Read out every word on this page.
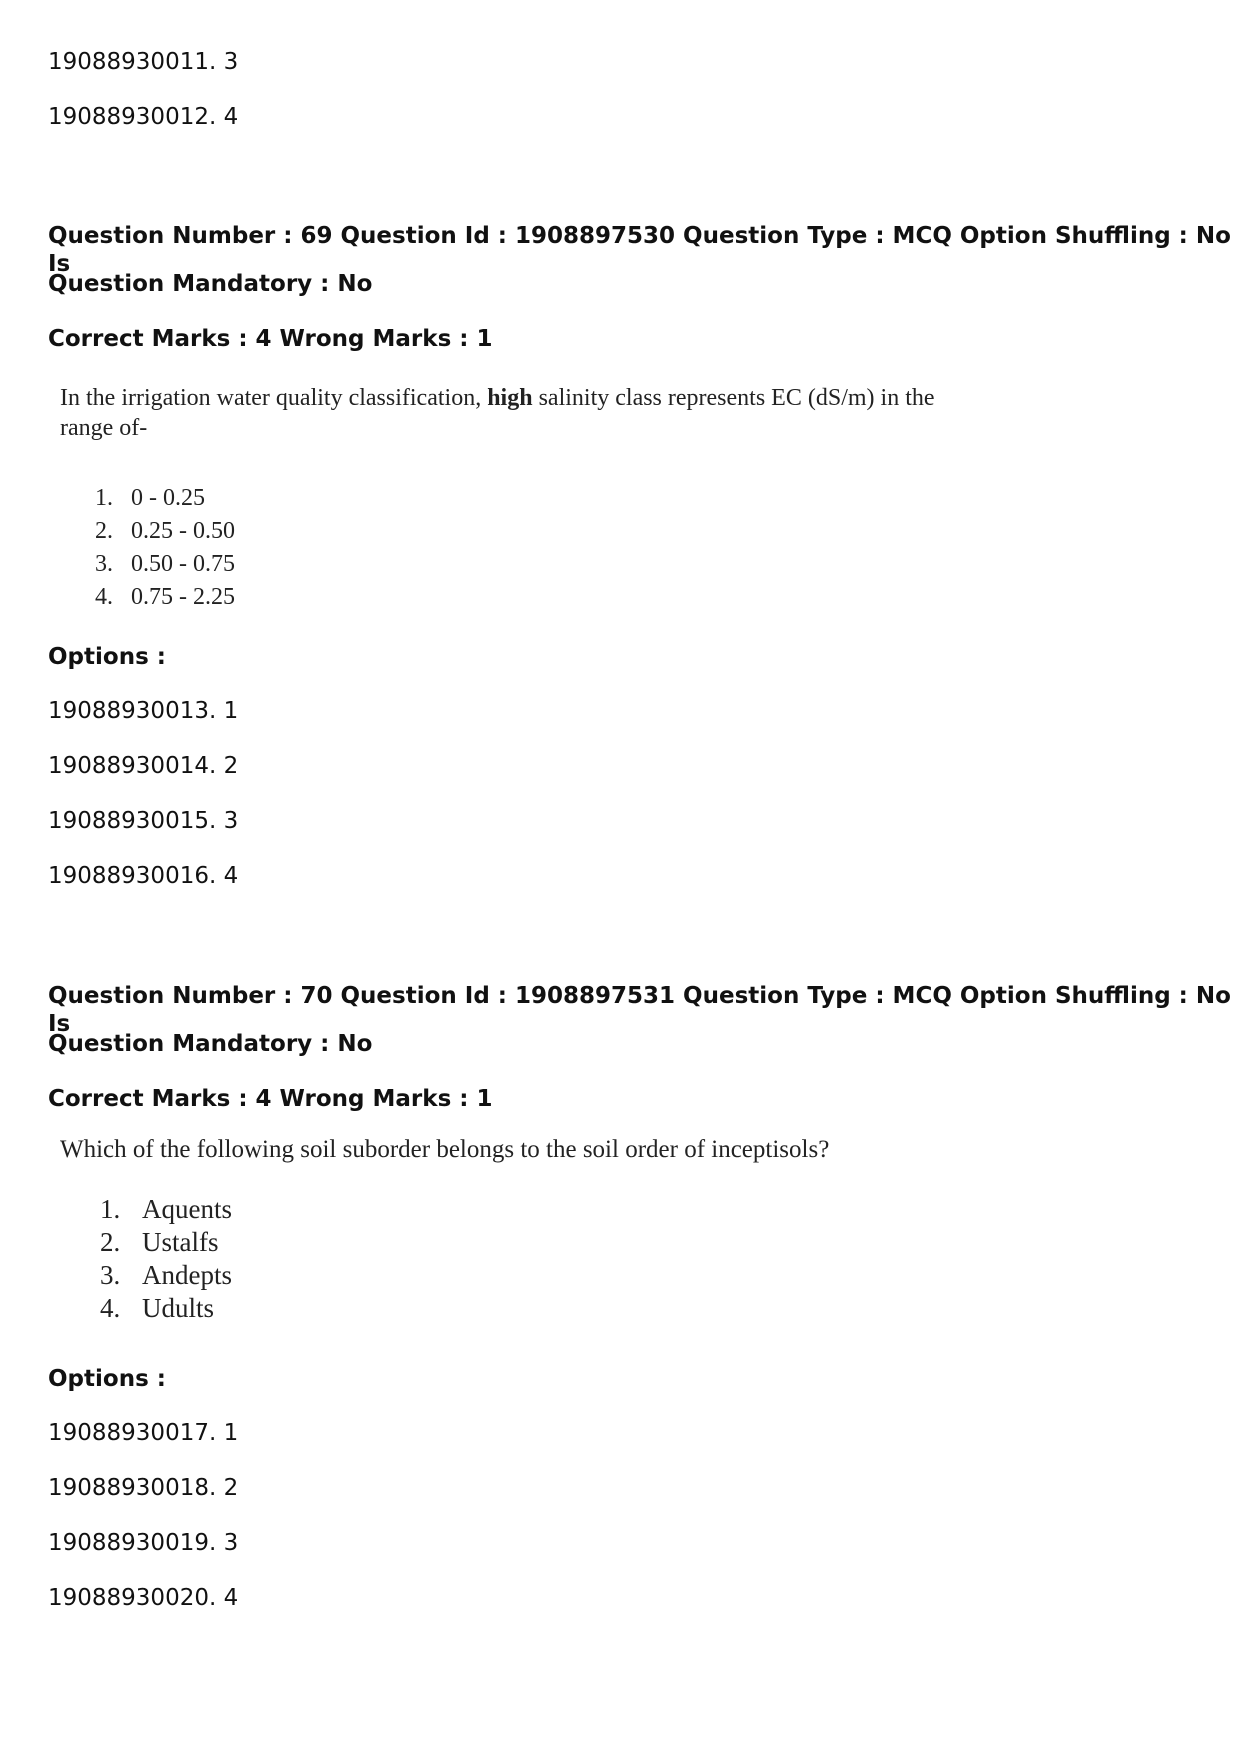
19088930011. 3

19088930012. 4

Question Number : 69 Question Id : 1908897530 Question Type : MCQ Option Shuffling : No Is

Question Mandatory : No

Correct Marks : 4 Wrong Marks : 1

In the irrigation water quality classification, high salinity class represents EC (dS/m) in the
range of-
1. 0 - 0.25
2. 0.25 - 0.50
3. 0.50 - 0.75
4. 0.75 - 2.25

Options :

19088930013. 1

19088930014. 2

19088930015. 3

19088930016. 4

Question Number : 70 Question Id : 1908897531 Question Type : MCQ Option Shuffling : No Is

Question Mandatory : No

Correct Marks : 4 Wrong Marks : 1

Which of the following soil suborder belongs to the soil order of inceptisols?
1. Aquents
2. Ustalfs
3. Andepts
4. Udults

Options :

19088930017. 1

19088930018. 2

19088930019. 3

19088930020. 4
